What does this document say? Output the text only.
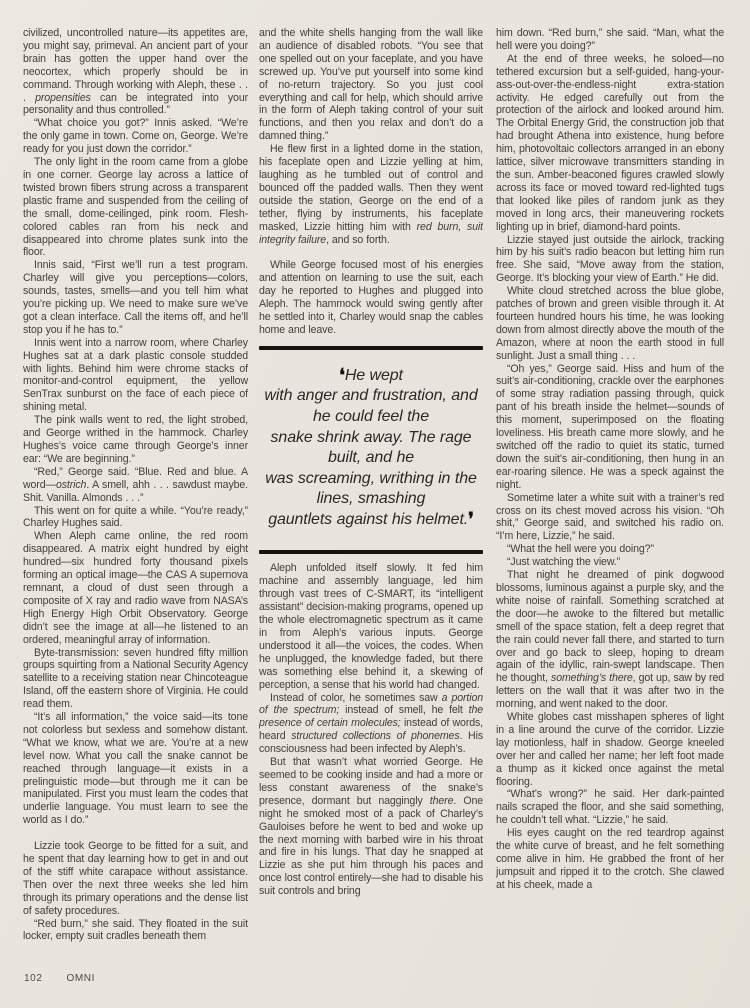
civilized, uncontrolled nature—its appetites are, you might say, primeval. An ancient part of your brain has gotten the upper hand over the neocortex, which properly should be in command. Through working with Aleph, these . . . propensities can be integrated into your personality and thus controlled.”

“What choice you got?” Innis asked. “We’re the only game in town. Come on, George. We’re ready for you just down the corridor.”

The only light in the room came from a globe in one corner. George lay across a lattice of twisted brown fibers strung across a transparent plastic frame and suspended from the ceiling of the small, dome-ceilinged, pink room. Flesh-colored cables ran from his neck and disappeared into chrome plates sunk into the floor.

Innis said, “First we’ll run a test program. Charley will give you perceptions—colors, sounds, tastes, smells—and you tell him what you’re picking up. We need to make sure we’ve got a clean interface. Call the items off, and he’ll stop you if he has to.”

Innis went into a narrow room, where Charley Hughes sat at a dark plastic console studded with lights. Behind him were chrome stacks of monitor-and-control equipment, the yellow SenTrax sunburst on the face of each piece of shining metal.

The pink walls went to red, the light strobed, and George writhed in the hammock. Charley Hughes’s voice came through George’s inner ear: “We are beginning.”

“Red,” George said. “Blue. Red and blue. A word—ostrich. A smell, ahh . . . sawdust maybe. Shit. Vanilla. Almonds . . .”

This went on for quite a while. “You’re ready,” Charley Hughes said.

When Aleph came online, the red room disappeared. A matrix eight hundred by eight hundred—six hundred forty thousand pixels forming an optical image—the CAS A supernova remnant, a cloud of dust seen through a composite of X ray and radio wave from NASA’s High Energy High Orbit Observatory. George didn’t see the image at all—he listened to an ordered, meaningful array of information.

Byte-transmission: seven hundred fifty million groups squirting from a National Security Agency satellite to a receiving station near Chincoteague Island, off the eastern shore of Virginia. He could read them.

“It’s all information,” the voice said—its tone not colorless but sexless and somehow distant. “What we know, what we are. You’re at a new level now. What you call the snake cannot be reached through language—it exists in a prelinguistic mode—but through me it can be manipulated. First you must learn the codes that underlie language. You must learn to see the world as I do.”

Lizzie took George to be fitted for a suit, and he spent that day learning how to get in and out of the stiff white carapace without assistance. Then over the next three weeks she led him through its primary operations and the dense list of safety procedures.

“Red burn,” she said. They floated in the suit locker, empty suit cradles beneath them

and the white shells hanging from the wall like an audience of disabled robots. “You see that one spelled out on your faceplate, and you have screwed up. You’ve put yourself into some kind of no-return trajectory. So you just cool everything and call for help, which should arrive in the form of Aleph taking control of your suit functions, and then you relax and don’t do a damned thing.”

He flew first in a lighted dome in the station, his faceplate open and Lizzie yelling at him, laughing as he tumbled out of control and bounced off the padded walls. Then they went outside the station, George on the end of a tether, flying by instruments, his faceplate masked, Lizzie hitting him with red burn, suit integrity failure, and so forth.

While George focused most of his energies and attention on learning to use the suit, each day he reported to Hughes and plugged into Aleph. The hammock would swing gently after he settled into it, Charley would snap the cables home and leave.

❛He wept
with anger and frustration, and
he could feel the
snake shrink away. The rage
built, and he
was screaming, writhing in the
lines, smashing
gauntlets against his helmet.❜

Aleph unfolded itself slowly. It fed him machine and assembly language, led him through vast trees of C-SMART, its “intelligent assistant” decision-making programs, opened up the whole electromagnetic spectrum as it came in from Aleph’s various inputs. George understood it all—the voices, the codes. When he unplugged, the knowledge faded, but there was something else behind it, a skewing of perception, a sense that his world had changed.

Instead of color, he sometimes saw a portion of the spectrum; instead of smell, he felt the presence of certain molecules; instead of words, heard structured collections of phonemes. His consciousness had been infected by Aleph’s.

But that wasn’t what worried George. He seemed to be cooking inside and had a more or less constant awareness of the snake’s presence, dormant but naggingly there. One night he smoked most of a pack of Charley’s Gauloises before he went to bed and woke up the next morning with barbed wire in his throat and fire in his lungs. That day he snapped at Lizzie as she put him through his paces and once lost control entirely—she had to disable his suit controls and bring

him down. “Red burn,” she said. “Man, what the hell were you doing?”

At the end of three weeks, he soloed—no tethered excursion but a self-guided, hang-your-ass-out-over-the-endless-night extra-station activity. He edged carefully out from the protection of the airlock and looked around him. The Orbital Energy Grid, the construction job that had brought Athena into existence, hung before him, photovoltaic collectors arranged in an ebony lattice, silver microwave transmitters standing in the sun. Amber-beaconed figures crawled slowly across its face or moved toward red-lighted tugs that looked like piles of random junk as they moved in long arcs, their maneuvering rockets lighting up in brief, diamond-hard points.

Lizzie stayed just outside the airlock, tracking him by his suit’s radio beacon but letting him run free. She said, “Move away from the station, George. It’s blocking your view of Earth.” He did.

White cloud stretched across the blue globe, patches of brown and green visible through it. At fourteen hundred hours his time, he was looking down from almost directly above the mouth of the Amazon, where at noon the earth stood in full sunlight. Just a small thing . . .

“Oh yes,” George said. Hiss and hum of the suit’s air-conditioning, crackle over the earphones of some stray radiation passing through, quick pant of his breath inside the helmet—sounds of this moment, superimposed on the floating loveliness. His breath came more slowly, and he switched off the radio to quiet its static, turned down the suit’s air-conditioning, then hung in an ear-roaring silence. He was a speck against the night.

Sometime later a white suit with a trainer’s red cross on its chest moved across his vision. “Oh shit,” George said, and switched his radio on. “I’m here, Lizzie,” he said.

“What the hell were you doing?”

“Just watching the view.”

That night he dreamed of pink dogwood blossoms, luminous against a purple sky, and the white noise of rainfall. Something scratched at the door—he awoke to the filtered but metallic smell of the space station, felt a deep regret that the rain could never fall there, and started to turn over and go back to sleep, hoping to dream again of the idyllic, rain-swept landscape. Then he thought, something’s there, got up, saw by red letters on the wall that it was after two in the morning, and went naked to the door.

White globes cast misshapen spheres of light in a line around the curve of the corridor. Lizzie lay motionless, half in shadow. George kneeled over her and called her name; her left foot made a thump as it kicked once against the metal flooring.

“What’s wrong?” he said. Her dark-painted nails scraped the floor, and she said something, he couldn’t tell what. “Lizzie,” he said.

His eyes caught on the red teardrop against the white curve of breast, and he felt something come alive in him. He grabbed the front of her jumpsuit and ripped it to the crotch. She clawed at his cheek, made a

102 OMNI
